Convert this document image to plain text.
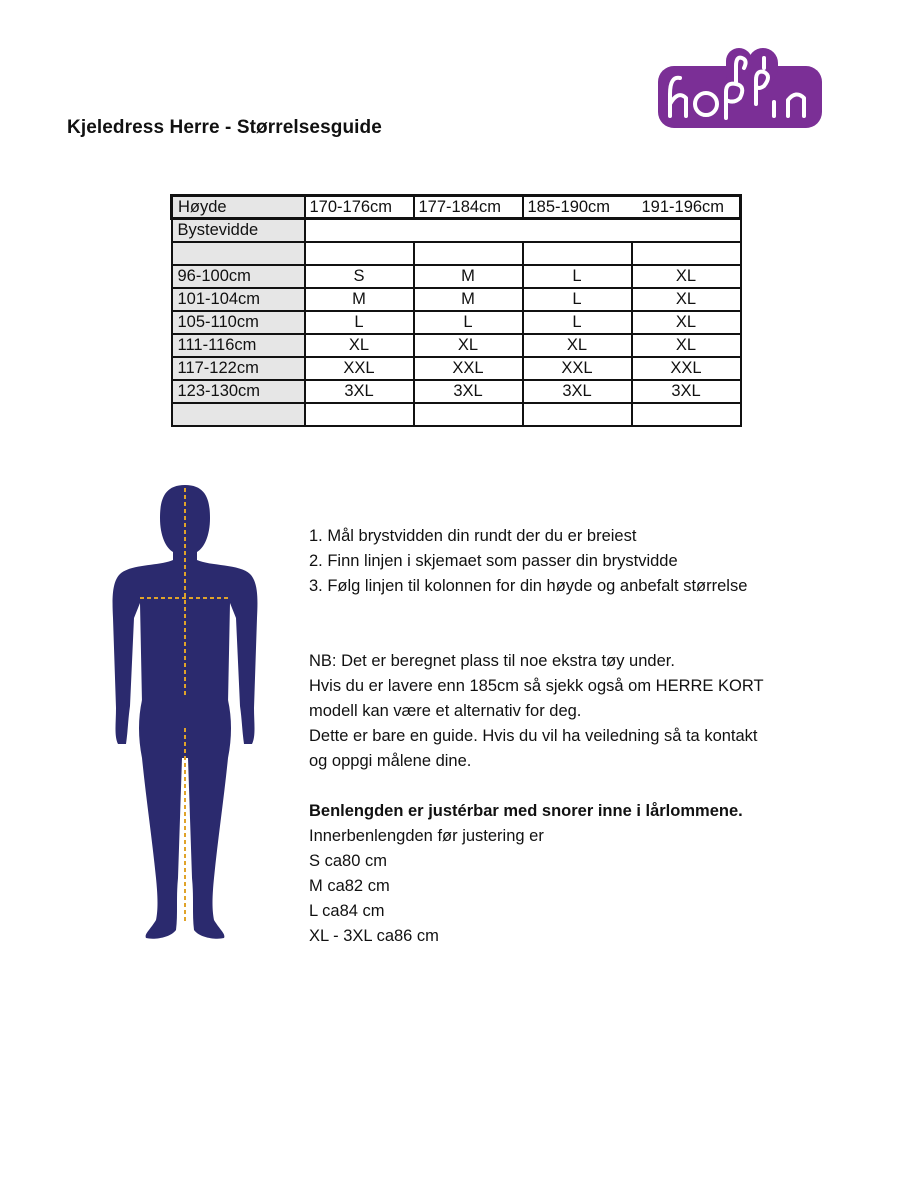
Kjeledress Herre - Størrelsesguide
Høyde	170-176cm	177-184cm	185-190cm	191-196cm
Bystevidde				

96-100cm	S	M	L	XL
101-104cm	M	M	L	XL
105-110cm	L	L	L	XL
111-116cm	XL	XL	XL	XL
117-122cm	XXL	XXL	XXL	XXL
123-130cm	3XL	3XL	3XL	3XL

1. Mål brystvidden din rundt der du er breiest

2. Finn linjen i skjemaet som passer din brystvidde

3. Følg linjen til kolonnen for din høyde og anbefalt størrelse

NB: Det er beregnet plass til noe ekstra tøy under.

Hvis du er lavere enn 185cm så sjekk også om HERRE KORT

modell kan være et alternativ for deg.

Dette er bare en guide. Hvis du vil ha veiledning så ta kontakt

og oppgi målene dine.

Benlengden er justérbar med snorer inne i lårlommene.

Innerbenlengden før justering er

S ca80 cm

M ca82 cm

L ca84 cm

XL - 3XL ca86 cm
